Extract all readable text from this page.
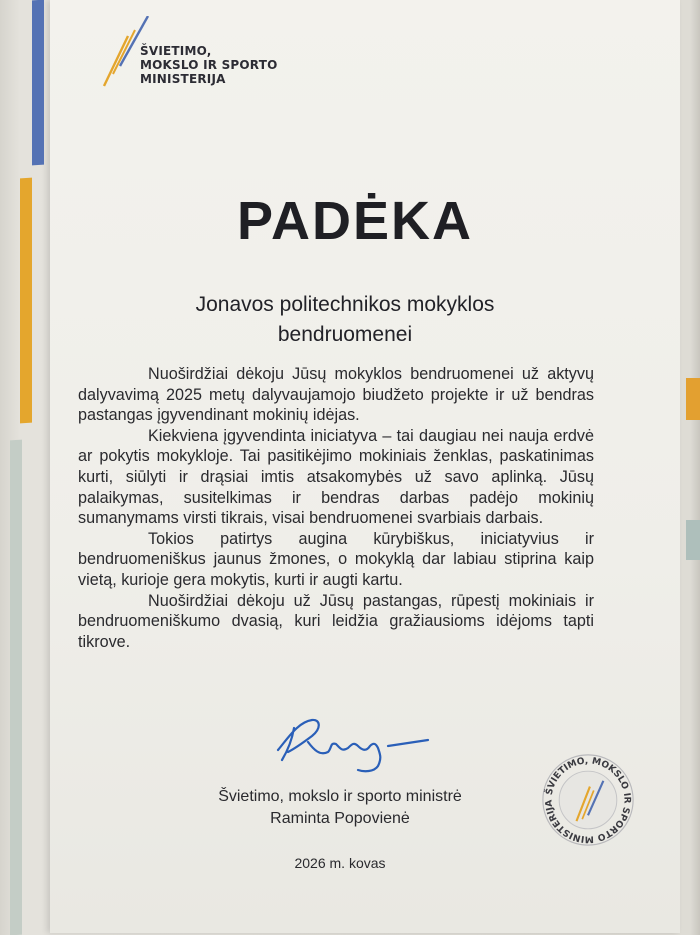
ŠVIETIMO,
MOKSLO IR SPORTO
MINISTERIJA
PADĖKA
Jonavos politechnikos mokyklos
bendruomenei

Nuoširdžiai dėkoju Jūsų mokyklos bendruomenei už aktyvų dalyvavimą 2025 metų dalyvaujamojo biudžeto projekte ir už bendras pastangas įgyvendinant mokinių idėjas.

Kiekviena įgyvendinta iniciatyva – tai daugiau nei nauja erdvė ar pokytis mokykloje. Tai pasitikėjimo mokiniais ženklas, paskatinimas kurti, siūlyti ir drąsiai imtis atsakomybės už savo aplinką. Jūsų palaikymas, susitelkimas ir bendras darbas padėjo mokinių sumanymams virsti tikrais, visai bendruomenei svarbiais darbais.

Tokios patirtys augina kūrybiškus, iniciatyvius ir bendruomeniškus jaunus žmones, o mokyklą dar labiau stiprina kaip vietą, kurioje gera mokytis, kurti ir augti kartu.

Nuoširdžiai dėkoju už Jūsų pastangas, rūpestį mokiniais ir bendruomeniškumo dvasią, kuri leidžia gražiausioms idėjoms tapti tikrove.

Švietimo, mokslo ir sporto ministrė
Raminta Popovienė
2026 m. kovas
ŠVIETIMO, MOKSLO IR SPORTO MINISTERIJA
